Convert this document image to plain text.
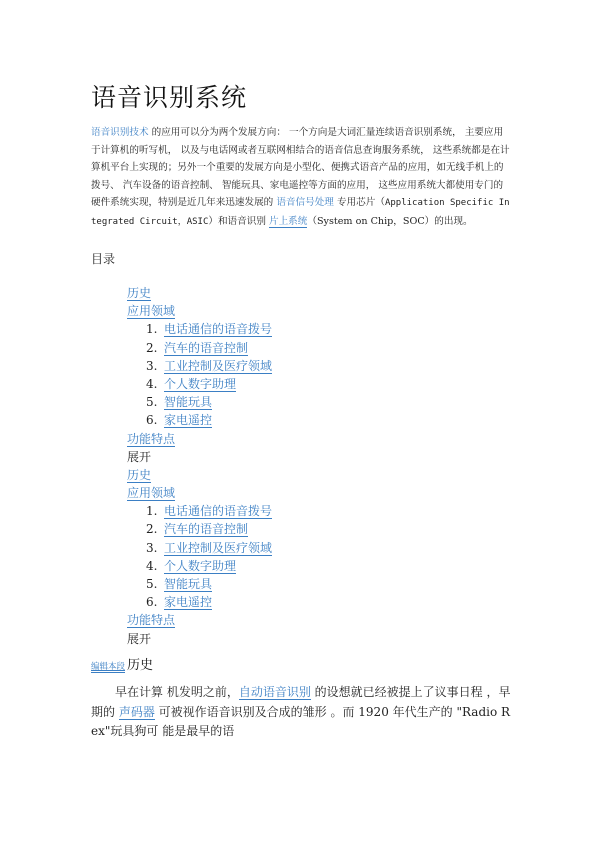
语音识别系统
语音识别技术 的应用可以分为两个发展方向： 一个方向是大词汇量连续语音识别系统， 主要应用于计算机的听写机， 以及与电话网或者互联网相结合的语音信息查询服务系统， 这些系统都是在计算机平台上实现的；另外一个重要的发展方向是小型化、便携式语音产品的应用，如无线手机上的拨号、 汽车设备的语音控制、 智能玩具、家电遥控等方面的应用， 这些应用系统大都使用专门的硬件系统实现，特别是近几年来迅速发展的 语音信号处理 专用芯片（Application Specific Integrated Circuit，ASIC）和语音识别 片上系统（System on Chip，SOC）的出现。
目录
历史
应用领域
1. 电话通信的语音拨号
2. 汽车的语音控制
3. 工业控制及医疗领域
4. 个人数字助理
5. 智能玩具
6. 家电遥控
功能特点
展开
历史
应用领域
1. 电话通信的语音拨号
2. 汽车的语音控制
3. 工业控制及医疗领域
4. 个人数字助理
5. 智能玩具
6. 家电遥控
功能特点
展开
编辑本段 历史
早在计算 机发明之前，自动语音识别 的设想就已经被提上了议事日程 ，早期的 声码器 可被视作语音识别及合成的雏形 。而 1920 年代生产的 "Radio Rex"玩具狗可 能是最早的语
